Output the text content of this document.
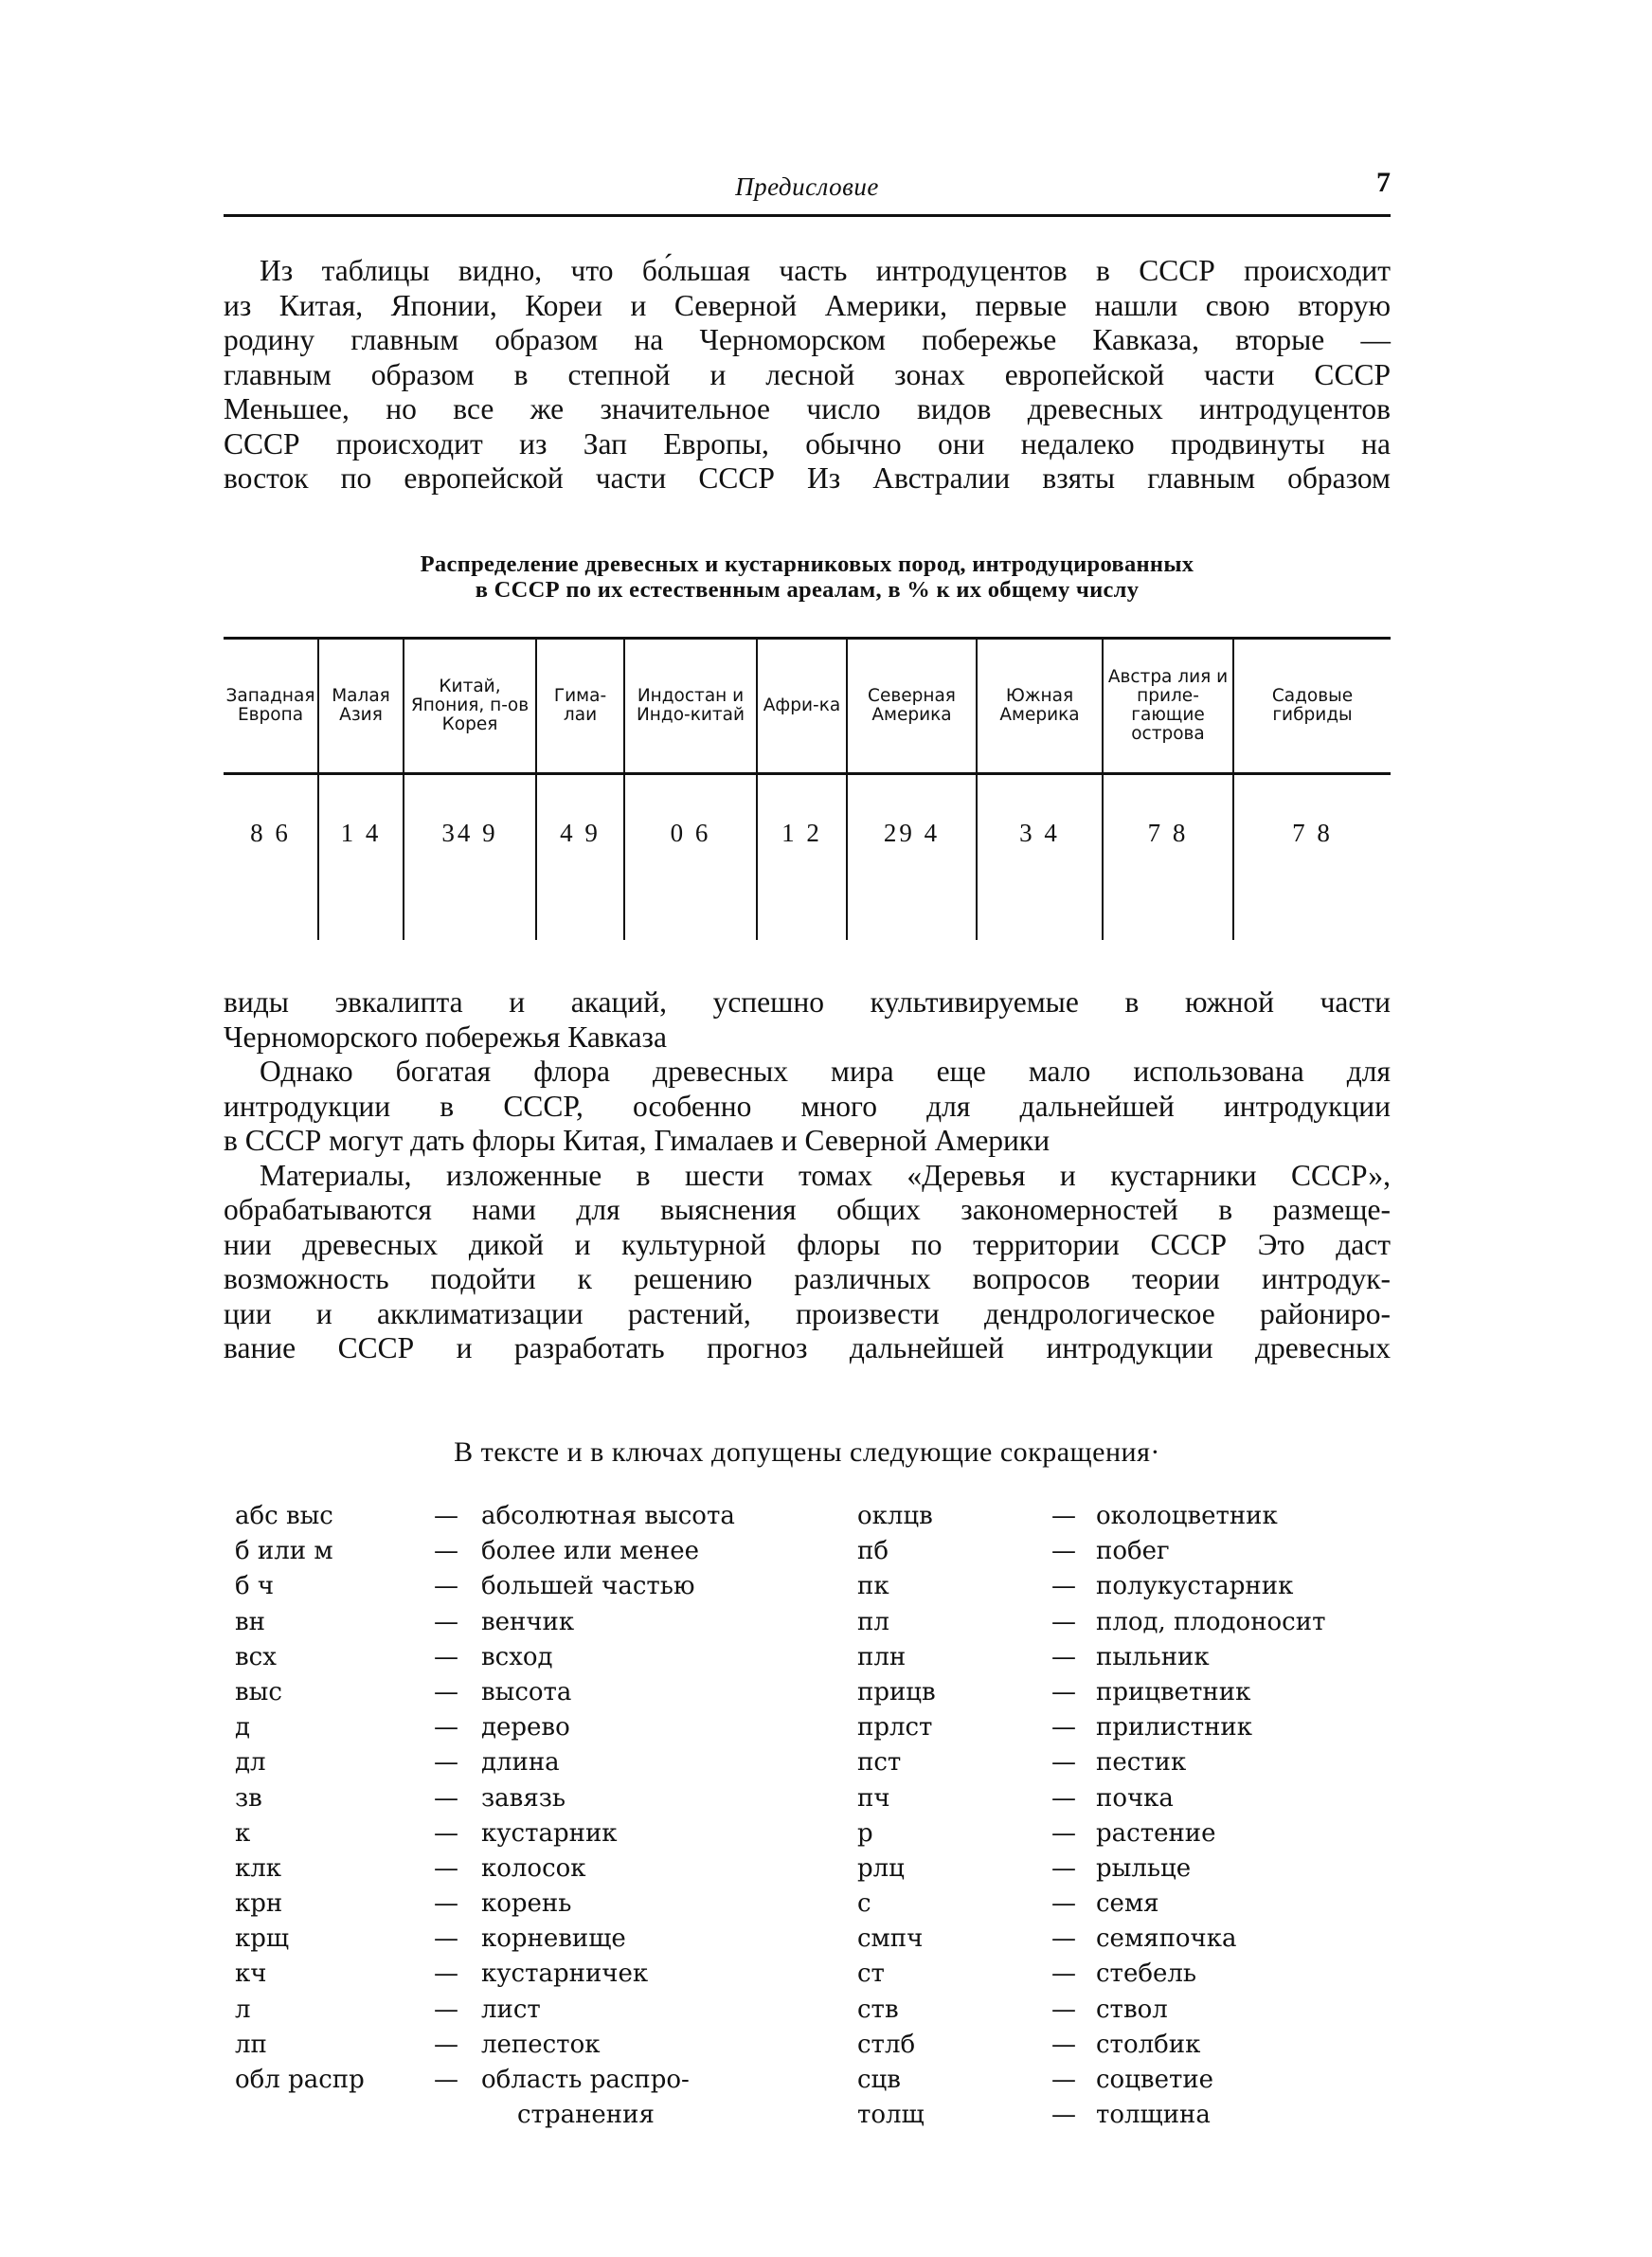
Предисловие	7

Из таблицы видно, что бо́льшая часть интродуцентов в СССР происходит

из Китая, Японии, Кореи и Северной Америки, первые нашли свою вторую

родину главным образом на Черноморском побережье Кавказа, вторые —

главным образом в степной и лесной зонах европейской части СССР

Меньшее, но все же значительное число видов древесных интродуцентов

СССР происходит из Зап Европы, обычно они недалеко продвинуты на

восток по европейской части СССР Из Австралии взяты главным образом

Распределение древесных и кустарниковых пород, интродуцированных
в СССР по их естественным ареалам, в % к их общему числу
Западная Европа	Малая Азия	Китай, Япония, п-ов Корея	Гима-лаи	Индостан и Индо-китай	Афри-ка	Северная Америка	Южная Америка	Австра лия и приле-гающие острова	Садовые гибриды
8 6	1 4	34 9	4 9	0 6	1 2	29 4	3 4	7 8	7 8

виды эвкалипта и акаций, успешно культивируемые в южной части

Черноморского побережья Кавказа

Однако богатая флора древесных мира еще мало использована для

интродукции в СССР, особенно много для дальнейшей интродукции

в СССР могут дать флоры Китая, Гималаев и Северной Америки

Материалы, изложенные в шести томах «Деревья и кустарники СССР»,

обрабатываются нами для выяснения общих закономерностей в размеще-

нии древесных дикой и культурной флоры по территории СССР Это даст

возможность подойти к решению различных вопросов теории интродук-

ции и акклиматизации растений, произвести дендрологическое райониро-

вание СССР и разработать прогноз дальнейшей интродукции древесных

В тексте и в ключах допущены следующие сокращения·
абс выс	— абсолютная высота
б или м	— более или менее
б ч	— большей частью
вн	— венчик
всх	— всход
выс	— высота
д	— дерево
дл	— длина
зв	— завязь
к	— кустарник
клк	— колосок
крн	— корень
крщ	— корневище
кч	— кустарничек
л	— лист
лп	— лепесток
обл распр	— область распро-
странения
оклцв	— околоцветник
пб	— побег
пк	— полукустарник
пл	— плод, плодоносит
плн	— пыльник
прицв	— прицветник
прлст	— прилистник
пст	— пестик
пч	— почка
р	— растение
рлц	— рыльце
с	— семя
смпч	— семяпочка
ст	— стебель
ств	— ствол
стлб	— столбик
сцв	— соцветие
толщ	— толщина
